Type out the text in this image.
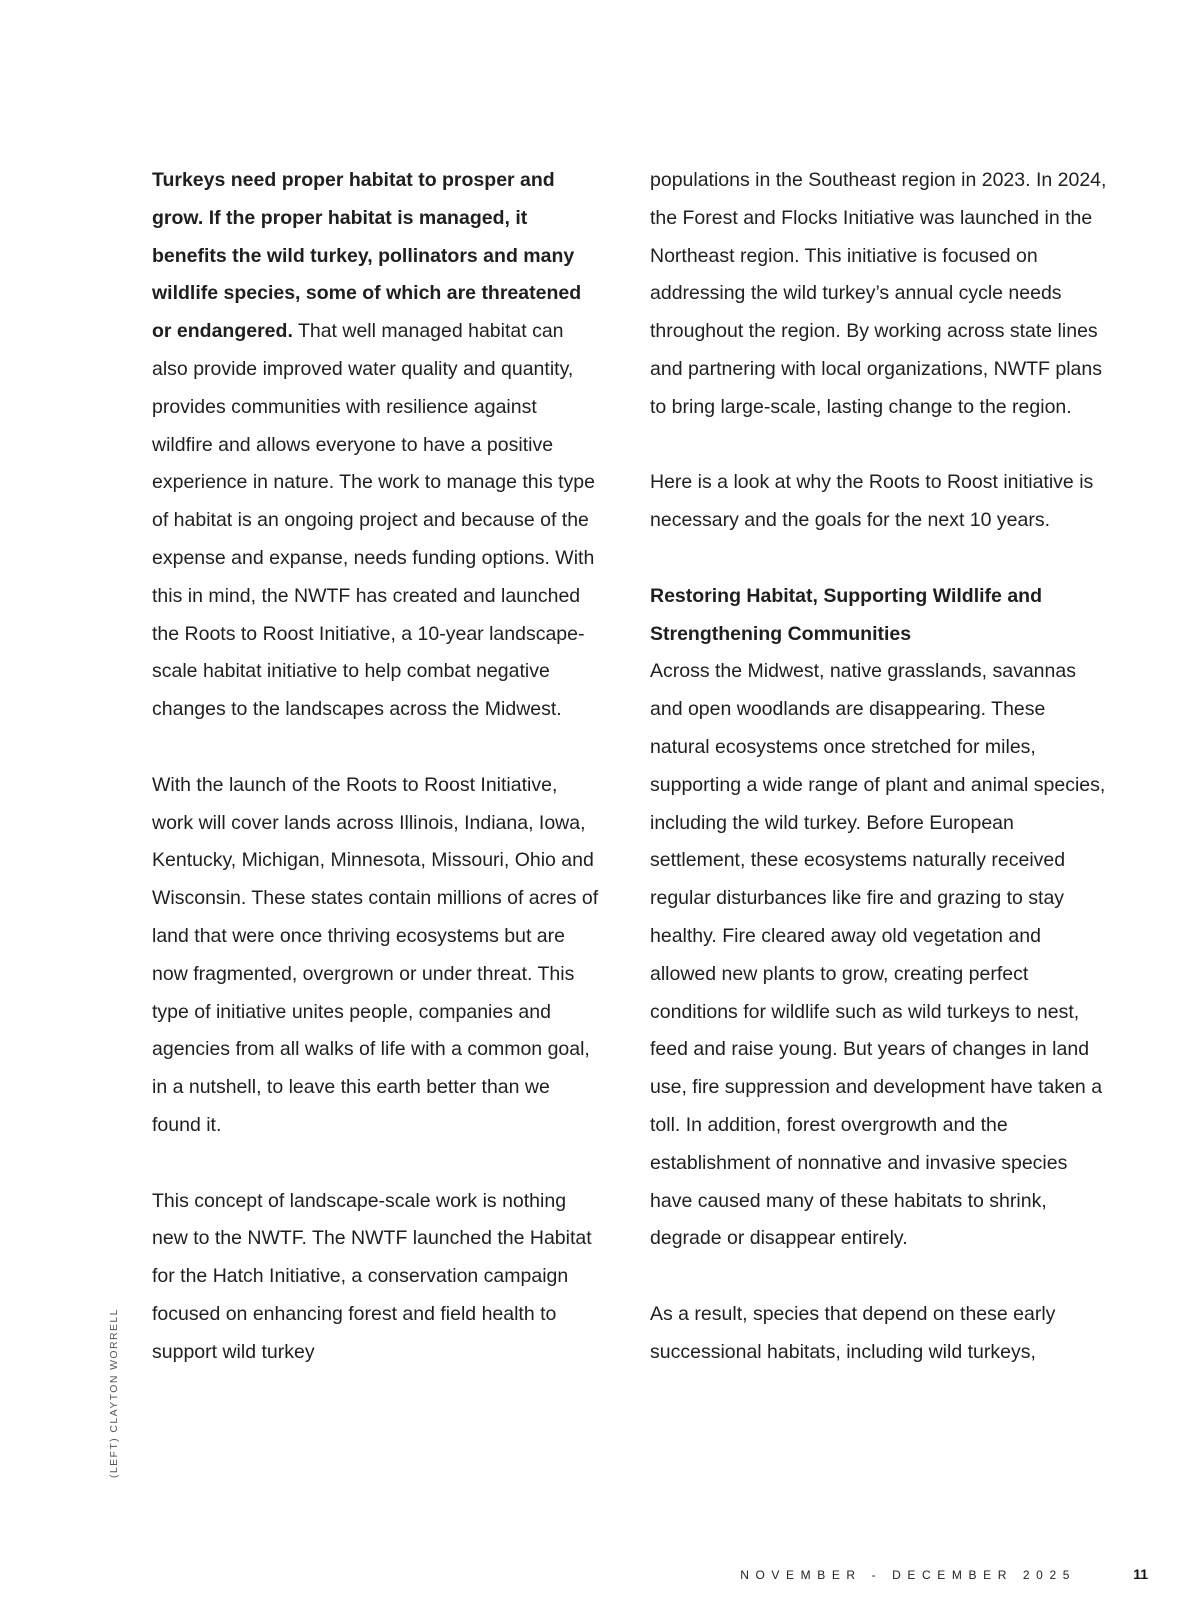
Turkeys need proper habitat to prosper and grow. If the proper habitat is managed, it benefits the wild turkey, pollinators and many wildlife species, some of which are threatened or endangered. That well managed habitat can also provide improved water quality and quantity, provides communities with resilience against wildfire and allows everyone to have a positive experience in nature. The work to manage this type of habitat is an ongoing project and because of the expense and expanse, needs funding options. With this in mind, the NWTF has created and launched the Roots to Roost Initiative, a 10-year landscape-scale habitat initiative to help combat negative changes to the landscapes across the Midwest.

With the launch of the Roots to Roost Initiative, work will cover lands across Illinois, Indiana, Iowa, Kentucky, Michigan, Minnesota, Missouri, Ohio and Wisconsin. These states contain millions of acres of land that were once thriving ecosystems but are now fragmented, overgrown or under threat. This type of initiative unites people, companies and agencies from all walks of life with a common goal, in a nutshell, to leave this earth better than we found it.

This concept of landscape-scale work is nothing new to the NWTF. The NWTF launched the Habitat for the Hatch Initiative, a conservation campaign focused on enhancing forest and field health to support wild turkey

populations in the Southeast region in 2023. In 2024, the Forest and Flocks Initiative was launched in the Northeast region. This initiative is focused on addressing the wild turkey’s annual cycle needs throughout the region. By working across state lines and partnering with local organizations, NWTF plans to bring large-scale, lasting change to the region.

Here is a look at why the Roots to Roost initiative is necessary and the goals for the next 10 years.

Restoring Habitat, Supporting Wildlife and Strengthening Communities
Across the Midwest, native grasslands, savannas and open woodlands are disappearing. These natural ecosystems once stretched for miles, supporting a wide range of plant and animal species, including the wild turkey. Before European settlement, these ecosystems naturally received regular disturbances like fire and grazing to stay healthy. Fire cleared away old vegetation and allowed new plants to grow, creating perfect conditions for wildlife such as wild turkeys to nest, feed and raise young. But years of changes in land use, fire suppression and development have taken a toll. In addition, forest overgrowth and the establishment of nonnative and invasive species have caused many of these habitats to shrink, degrade or disappear entirely.

As a result, species that depend on these early successional habitats, including wild turkeys,

(LEFT) CLAYTON WORRELL
NOVEMBER - DECEMBER 2025	11
